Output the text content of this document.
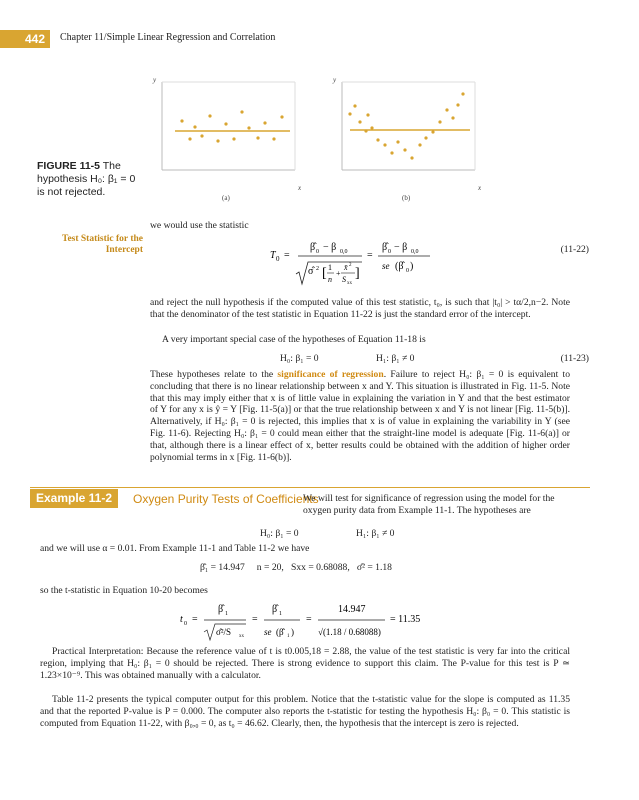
442	Chapter 11/Simple Linear Regression and Correlation
y
x
(a)
y
x
(b)
FIGURE 11-5 The hypothesis H₀: β₁ = 0 is not rejected.
Test Statistic for the Intercept
we would use the statistic
T 0 =
β̂ 0 − β 0,0
σ̂ 2 [ 1
n
+
x̄ 2
S xx
]
=
β̂ 0 − β 0,0
se (β̂ 0 )
(11-22)
and reject the null hypothesis if the computed value of this test statistic, t₀, is such that |t₀| > tα/2,n−2. Note that the denominator of the test statistic in Equation 11-22 is just the standard error of the intercept.
A very important special case of the hypotheses of Equation 11-18 is
H₀: β₁ = 0	H₁: β₁ ≠ 0	(11-23)
These hypotheses relate to the significance of regression. Failure to reject H₀: β₁ = 0 is equivalent to concluding that there is no linear relationship between x and Y. This situation is illustrated in Fig. 11-5. Note that this may imply either that x is of little value in explaining the variation in Y and that the best estimator of Y for any x is ŷ = Y [Fig. 11-5(a)] or that the true relationship between x and Y is not linear [Fig. 11-5(b)]. Alternatively, if H₀: β₁ = 0 is rejected, this implies that x is of value in explaining the variability in Y (see Fig. 11-6). Rejecting H₀: β₁ = 0 could mean either that the straight-line model is adequate [Fig. 11-6(a)] or that, although there is a linear effect of x, better results could be obtained with the addition of higher order polynomial terms in x [Fig. 11-6(b)].
Example 11-2	Oxygen Purity Tests of Coefficients
We will test for significance of regression using the model for the oxygen purity data from Example 11-1. The hypotheses are
H₀: β₁ = 0	H₁: β₁ ≠ 0
and we will use α = 0.01. From Example 11-1 and Table 11-2 we have
β̂₁ = 14.947     n = 20,   Sxx = 0.68088,   σ̂² = 1.18
so the t-statistic in Equation 10-20 becomes
t 0 =
β̂ 1
σ̂²/S xx
=
β̂ 1
se (β̂ 1 )
=
14.947
√(1.18 / 0.68088)
= 11.35
Practical Interpretation: Because the reference value of t is t0.005,18 = 2.88, the value of the test statistic is very far into the critical region, implying that H₀: β₁ = 0 should be rejected. There is strong evidence to support this claim. The P-value for this test is P ≃ 1.23×10⁻⁹. This was obtained manually with a calculator.
Table 11-2 presents the typical computer output for this problem. Notice that the t-statistic value for the slope is computed as 11.35 and that the reported P-value is P = 0.000. The computer also reports the t-statistic for testing the hypothesis H₀: β₀ = 0. This statistic is computed from Equation 11-22, with β₀,₀ = 0, as t₀ = 46.62. Clearly, then, the hypothesis that the intercept is zero is rejected.
